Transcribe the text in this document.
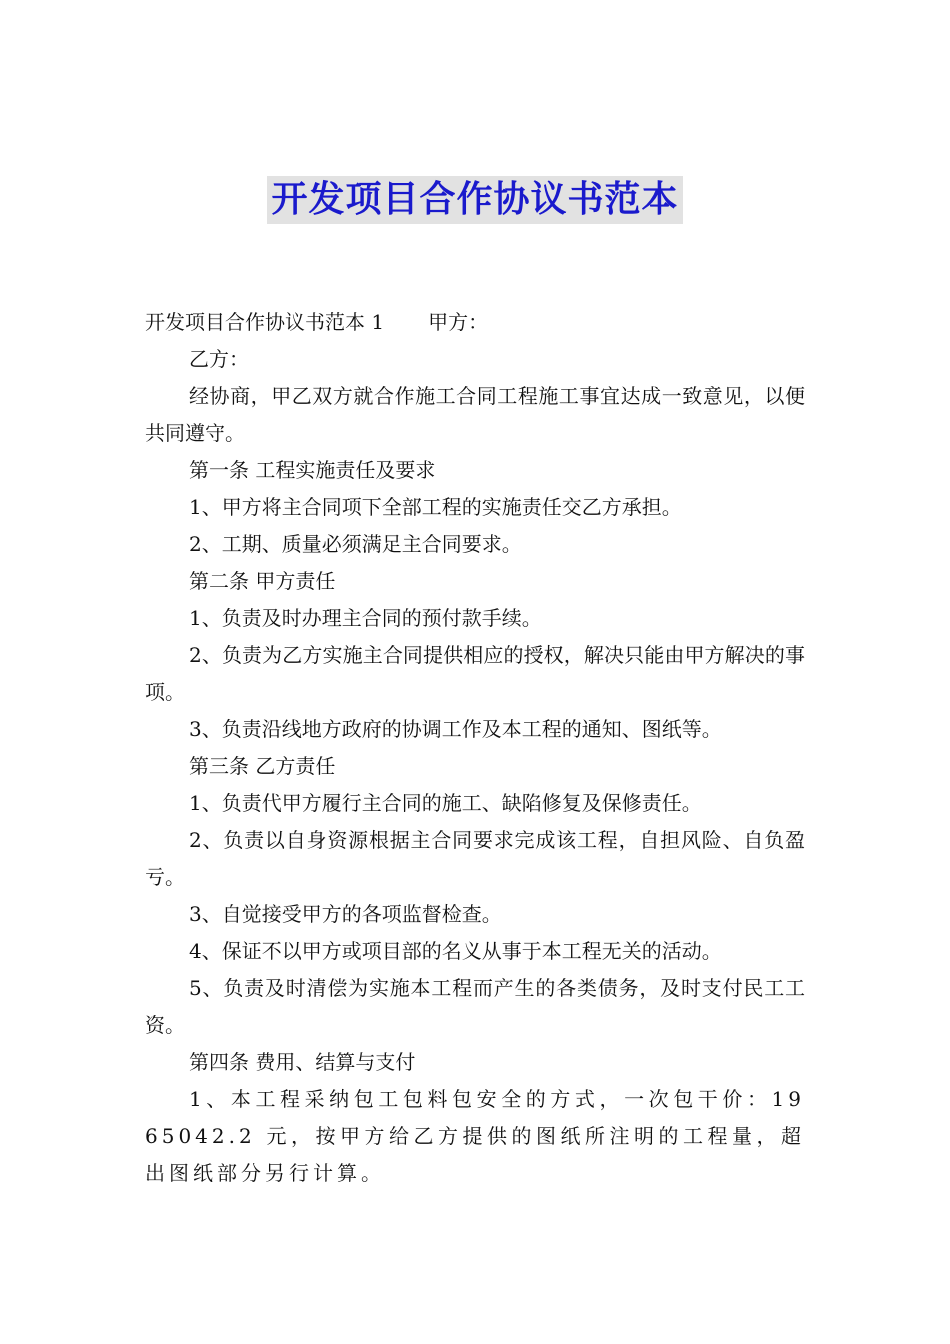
开发项目合作协议书范本

开发项目合作协议书范本 1 甲方：

乙方：

经协商，甲乙双方就合作施工合同工程施工事宜达成一致意见，以便共同遵守。

第一条 工程实施责任及要求

1、甲方将主合同项下全部工程的实施责任交乙方承担。

2、工期、质量必须满足主合同要求。

第二条 甲方责任

1、负责及时办理主合同的预付款手续。

2、负责为乙方实施主合同提供相应的授权，解决只能由甲方解决的事项。

3、负责沿线地方政府的协调工作及本工程的通知、图纸等。

第三条 乙方责任

1、负责代甲方履行主合同的施工、缺陷修复及保修责任。

2、负责以自身资源根据主合同要求完成该工程，自担风险、自负盈亏。

3、自觉接受甲方的各项监督检查。

4、保证不以甲方或项目部的名义从事于本工程无关的活动。

5、负责及时清偿为实施本工程而产生的各类债务，及时支付民工工资。

第四条 费用、结算与支付

1、本工程采纳包工包料包安全的方式，一次包干价：1965042.2 元，按甲方给乙方提供的图纸所注明的工程量，超出图纸部分另行计算。
